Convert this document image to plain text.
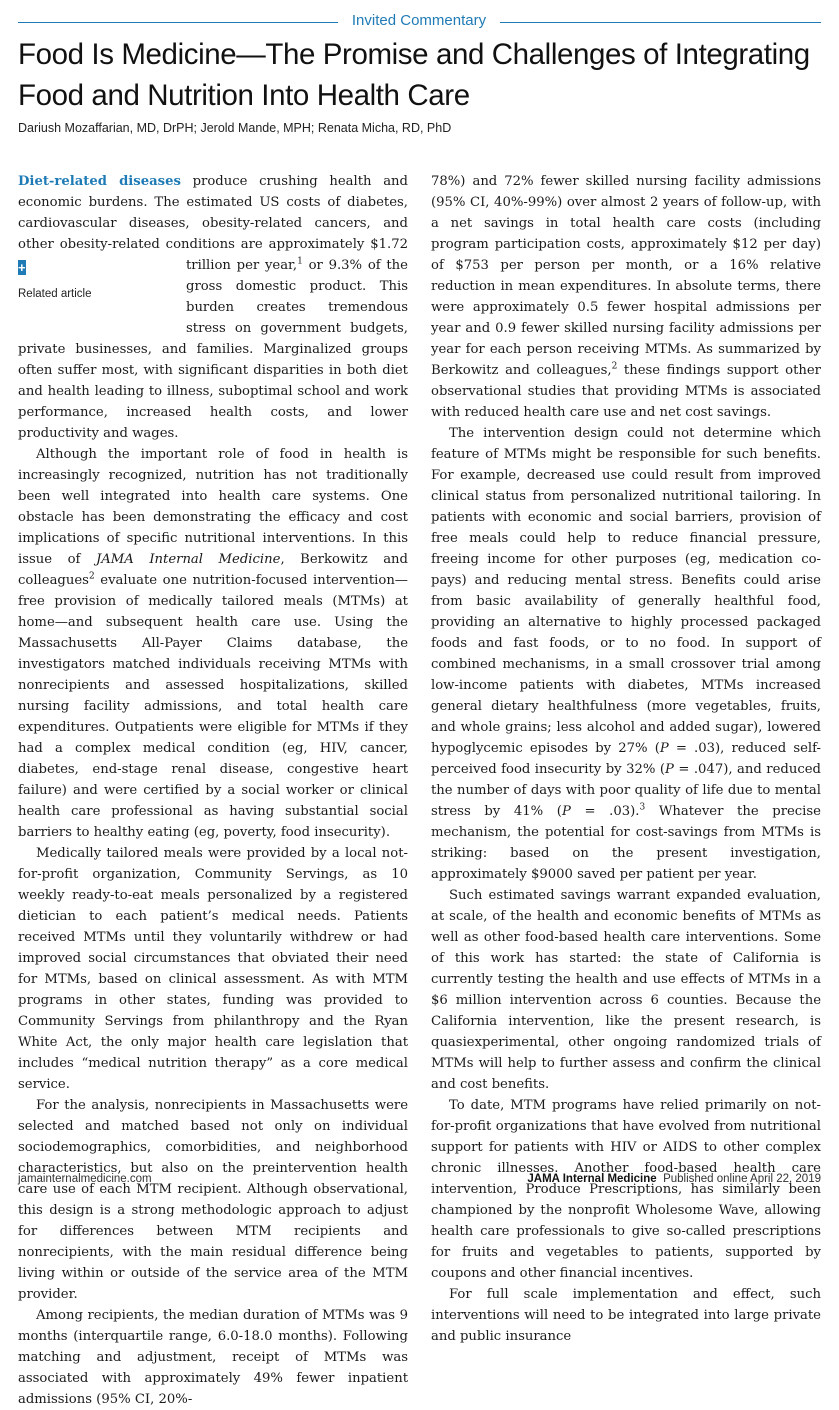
Invited Commentary
Food Is Medicine—The Promise and Challenges of Integrating Food and Nutrition Into Health Care
Dariush Mozaffarian, MD, DrPH; Jerold Mande, MPH; Renata Micha, RD, PhD

Diet-related diseases produce crushing health and economic burdens. The estimated US costs of diabetes, cardiovascular diseases, obesity-related cancers, and other obesity-related conditions are approximately $1.72 trillion per year,$^1$
+
Related article
or 9.3% of the gross domestic product. This burden creates tremendous stress on government budgets, private businesses, and families. Marginalized groups often suffer most, with significant disparities in both diet and health leading to illness, suboptimal school and work performance, increased health costs, and lower productivity and wages.

Although the important role of food in health is increasingly recognized, nutrition has not traditionally been well integrated into health care systems. One obstacle has been demonstrating the efficacy and cost implications of specific nutritional interventions. In this issue of JAMA Internal Medicine, Berkowitz and colleagues$^2$ evaluate one nutrition-focused intervention—free provision of medically tailored meals (MTMs) at home—and subsequent health care use. Using the Massachusetts All-Payer Claims database, the investigators matched individuals receiving MTMs with nonrecipients and assessed hospitalizations, skilled nursing facility admissions, and total health care expenditures. Outpatients were eligible for MTMs if they had a complex medical condition (eg, HIV, cancer, diabetes, end-stage renal disease, congestive heart failure) and were certified by a social worker or clinical health care professional as having substantial social barriers to healthy eating (eg, poverty, food insecurity).

Medically tailored meals were provided by a local not-for-profit organization, Community Servings, as 10 weekly ready-to-eat meals personalized by a registered dietician to each patient’s medical needs. Patients received MTMs until they voluntarily withdrew or had improved social circumstances that obviated their need for MTMs, based on clinical assessment. As with MTM programs in other states, funding was provided to Community Servings from philanthropy and the Ryan White Act, the only major health care legislation that includes “medical nutrition therapy” as a core medical service.

For the analysis, nonrecipients in Massachusetts were selected and matched based not only on individual sociodemographics, comorbidities, and neighborhood characteristics, but also on the preintervention health care use of each MTM recipient. Although observational, this design is a strong methodologic approach to adjust for differences between MTM recipients and nonrecipients, with the main residual difference being living within or outside of the service area of the MTM provider.

Among recipients, the median duration of MTMs was 9 months (interquartile range, 6.0-18.0 months). Following matching and adjustment, receipt of MTMs was associated with approximately 49% fewer inpatient admissions (95% CI, 20%-

78%) and 72% fewer skilled nursing facility admissions (95% CI, 40%-99%) over almost 2 years of follow-up, with a net savings in total health care costs (including program participation costs, approximately $12 per day) of $753 per person per month, or a 16% relative reduction in mean expenditures. In absolute terms, there were approximately 0.5 fewer hospital admissions per year and 0.9 fewer skilled nursing facility admissions per year for each person receiving MTMs. As summarized by Berkowitz and colleagues,$^2$ these findings support other observational studies that providing MTMs is associated with reduced health care use and net cost savings.

The intervention design could not determine which feature of MTMs might be responsible for such benefits. For example, decreased use could result from improved clinical status from personalized nutritional tailoring. In patients with economic and social barriers, provision of free meals could help to reduce financial pressure, freeing income for other purposes (eg, medication co-pays) and reducing mental stress. Benefits could arise from basic availability of generally healthful food, providing an alternative to highly processed packaged foods and fast foods, or to no food. In support of combined mechanisms, in a small crossover trial among low-income patients with diabetes, MTMs increased general dietary healthfulness (more vegetables, fruits, and whole grains; less alcohol and added sugar), lowered hypoglycemic episodes by 27% (P = .03), reduced self-perceived food insecurity by 32% (P = .047), and reduced the number of days with poor quality of life due to mental stress by 41% (P = .03).$^3$ Whatever the precise mechanism, the potential for cost-savings from MTMs is striking: based on the present investigation, approximately $9000 saved per patient per year.

Such estimated savings warrant expanded evaluation, at scale, of the health and economic benefits of MTMs as well as other food-based health care interventions. Some of this work has started: the state of California is currently testing the health and use effects of MTMs in a $6 million intervention across 6 counties. Because the California intervention, like the present research, is quasiexperimental, other ongoing randomized trials of MTMs will help to further assess and confirm the clinical and cost benefits.

To date, MTM programs have relied primarily on not-for-profit organizations that have evolved from nutritional support for patients with HIV or AIDS to other complex chronic illnesses. Another food-based health care intervention, Produce Prescriptions, has similarly been championed by the nonprofit Wholesome Wave, allowing health care professionals to give so-called prescriptions for fruits and vegetables to patients, supported by coupons and other financial incentives.

For full scale implementation and effect, such interventions will need to be integrated into large private and public insurance

jamainternalmedicine.com	JAMA Internal Medicine Published online April 22, 2019
